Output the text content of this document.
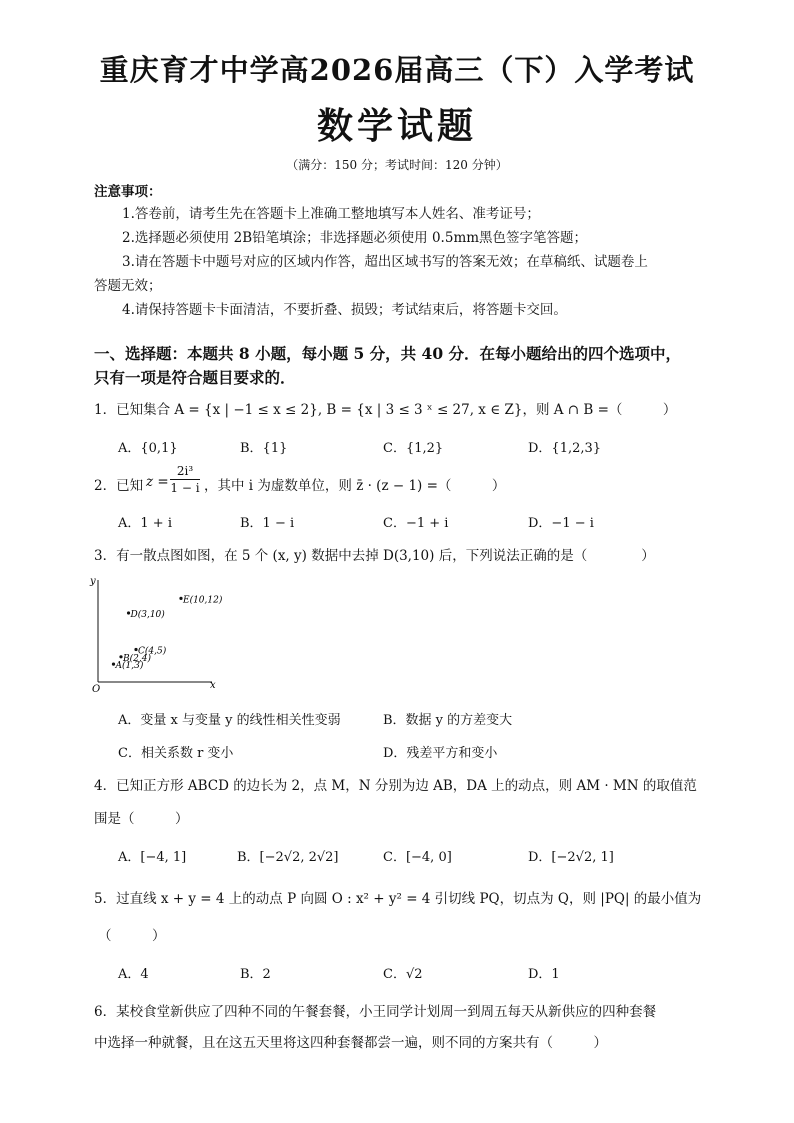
重庆育才中学高2026届高三（下）入学考试
数学试题
（满分：150 分；考试时间：120 分钟）
注意事项：
1.答卷前，请考生先在答题卡上准确工整地填写本人姓名、准考证号；
2.选择题必须使用 2B铅笔填涂；非选择题必须使用 0.5mm黑色签字笔答题；
3.请在答题卡中题号对应的区域内作答，超出区域书写的答案无效；在草稿纸、试题卷上
答题无效；
4.请保持答题卡卡面清洁，不要折叠、损毁；考试结束后，将答题卡交回。
一、选择题：本题共 8 小题，每小题 5 分，共 40 分．在每小题给出的四个选项中，
只有一项是符合题目要求的．
1．已知集合 A = {x | −1 ≤ x ≤ 2}, B = {x | 3 ≤ 3 ˣ ≤ 27, x ∈ Z}，则 A ∩ B =（　　　）
A．{0,1}	B．{1}	C．{1,2}	D．{1,2,3}
2．已知 $z = \frac{\text{2i³}}{1 - i}$ ，其中 i 为虚数单位，则 z̄ · (z − 1) =（　　　）
A．1 + i	B．1 − i	C．−1 + i	D．−1 − i
3．有一散点图如图，在 5 个 (x, y) 数据中去掉 D(3,10) 后，下列说法正确的是（　　　　）
y
x
O
A(1,3)
B(2,4)
C(4,5)
D(3,10)
E(10,12)
A．变量 x 与变量 y 的线性相关性变弱	B．数据 y 的方差变大
C．相关系数 r 变小	D．残差平方和变小
4．已知正方形 ABCD 的边长为 2，点 M，N 分别为边 AB，DA 上的动点，则 AM · MN 的取值范
围是（　　　）
A．[−4, 1]	B．[−2√2, 2√2]	C．[−4, 0]	D．[−2√2, 1]
5．过直线 x + y = 4 上的动点 P 向圆 O : x² + y² = 4 引切线 PQ，切点为 Q，则 |PQ| 的最小值为
（　　　）
A．4	B．2	C．√2	D．1
6．某校食堂新供应了四种不同的午餐套餐，小王同学计划周一到周五每天从新供应的四种套餐
中选择一种就餐，且在这五天里将这四种套餐都尝一遍，则不同的方案共有（　　　）
